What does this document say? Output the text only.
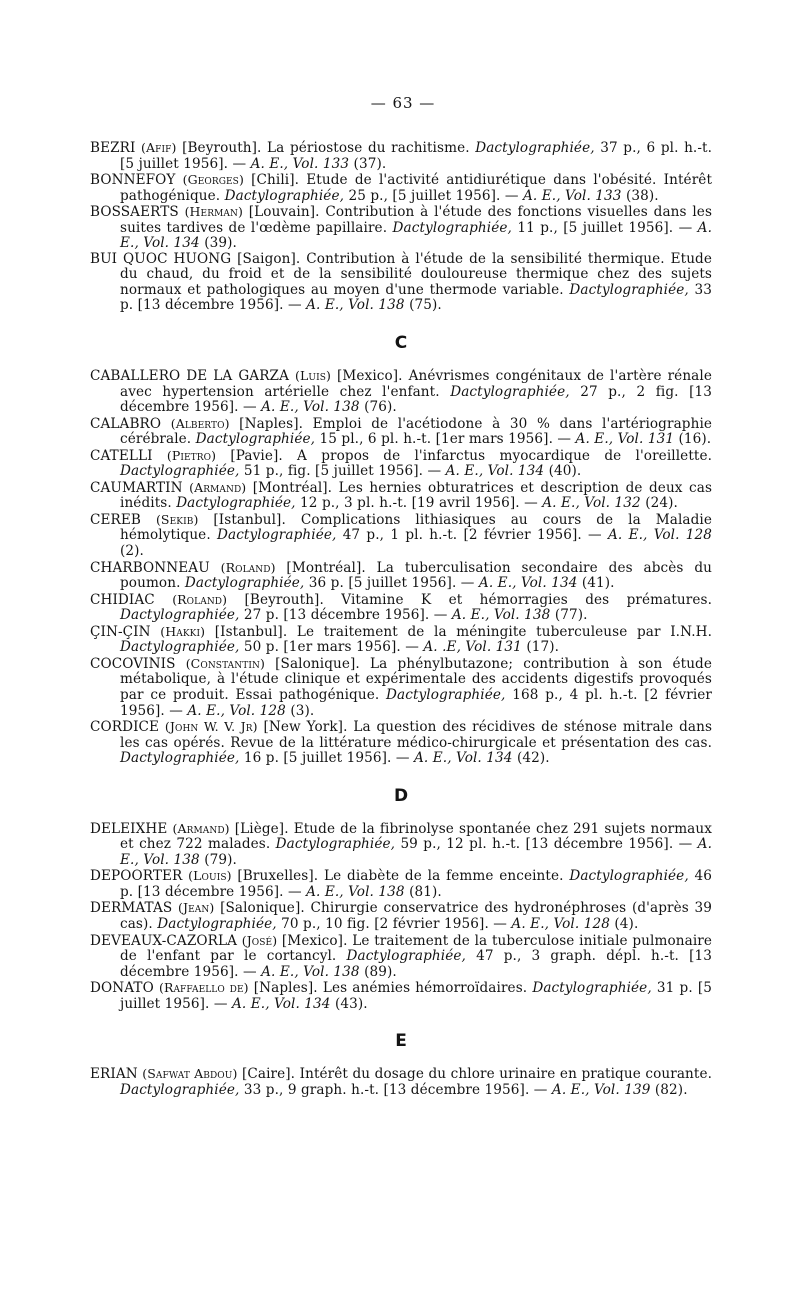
— 63 —

BEZRI (Afif) [Beyrouth]. La périostose du rachitisme. Dactylographiée, 37 p., 6 pl. h.-t. [5 juillet 1956]. — A. E., Vol. 133 (37).

BONNEFOY (Georges) [Chili]. Etude de l'activité antidiurétique dans l'obésité. Intérêt pathogénique. Dactylographiée, 25 p., [5 juillet 1956]. — A. E., Vol. 133 (38).

BOSSAERTS (Herman) [Louvain]. Contribution à l'étude des fonctions visuelles dans les suites tardives de l'œdème papillaire. Dactylographiée, 11 p., [5 juillet 1956]. — A. E., Vol. 134 (39).

BUI QUOC HUONG [Saigon]. Contribution à l'étude de la sensibilité thermique. Etude du chaud, du froid et de la sensibilité douloureuse thermique chez des sujets normaux et pathologiques au moyen d'une thermode variable. Dactylographiée, 33 p. [13 décembre 1956]. — A. E., Vol. 138 (75).

C

CABALLERO DE LA GARZA (Luis) [Mexico]. Anévrismes congénitaux de l'artère rénale avec hypertension artérielle chez l'enfant. Dactylographiée, 27 p., 2 fig. [13 décembre 1956]. — A. E., Vol. 138 (76).

CALABRO (Alberto) [Naples]. Emploi de l'acétiodone à 30 % dans l'artériographie cérébrale. Dactylographiée, 15 pl., 6 pl. h.-t. [1er mars 1956]. — A. E., Vol. 131 (16).

CATELLI (Pietro) [Pavie]. A propos de l'infarctus myocardique de l'oreillette. Dactylographiée, 51 p., fig. [5 juillet 1956]. — A. E., Vol. 134 (40).

CAUMARTIN (Armand) [Montréal]. Les hernies obturatrices et description de deux cas inédits. Dactylographiée, 12 p., 3 pl. h.-t. [19 avril 1956]. — A. E., Vol. 132 (24).

CEREB (Sekib) [Istanbul]. Complications lithiasiques au cours de la Maladie hémolytique. Dactylographiée, 47 p., 1 pl. h.-t. [2 février 1956]. — A. E., Vol. 128 (2).

CHARBONNEAU (Roland) [Montréal]. La tuberculisation secondaire des abcès du poumon. Dactylographiée, 36 p. [5 juillet 1956]. — A. E., Vol. 134 (41).

CHIDIAC (Roland) [Beyrouth]. Vitamine K et hémorragies des prématures. Dactylographiée, 27 p. [13 décembre 1956]. — A. E., Vol. 138 (77).

ÇIN-ÇIN (Hakki) [Istanbul]. Le traitement de la méningite tuberculeuse par I.N.H. Dactylographiée, 50 p. [1er mars 1956]. — A. .E, Vol. 131 (17).

COCOVINIS (Constantin) [Salonique]. La phénylbutazone; contribution à son étude métabolique, à l'étude clinique et expérimentale des accidents digestifs provoqués par ce produit. Essai pathogénique. Dactylographiée, 168 p., 4 pl. h.-t. [2 février 1956]. — A. E., Vol. 128 (3).

CORDICE (John W. V. Jr) [New York]. La question des récidives de sténose mitrale dans les cas opérés. Revue de la littérature médico-chirurgicale et présentation des cas. Dactylographiée, 16 p. [5 juillet 1956]. — A. E., Vol. 134 (42).

D

DELEIXHE (Armand) [Liège]. Etude de la fibrinolyse spontanée chez 291 sujets normaux et chez 722 malades. Dactylographiée, 59 p., 12 pl. h.-t. [13 décembre 1956]. — A. E., Vol. 138 (79).

DEPOORTER (Louis) [Bruxelles]. Le diabète de la femme enceinte. Dactylographiée, 46 p. [13 décembre 1956]. — A. E., Vol. 138 (81).

DERMATAS (Jean) [Salonique]. Chirurgie conservatrice des hydronéphroses (d'après 39 cas). Dactylographiée, 70 p., 10 fig. [2 février 1956]. — A. E., Vol. 128 (4).

DEVEAUX-CAZORLA (José) [Mexico]. Le traitement de la tuberculose initiale pulmonaire de l'enfant par le cortancyl. Dactylographiée, 47 p., 3 graph. dépl. h.-t. [13 décembre 1956]. — A. E., Vol. 138 (89).

DONATO (Raffaello de) [Naples]. Les anémies hémorroïdaires. Dactylographiée, 31 p. [5 juillet 1956]. — A. E., Vol. 134 (43).

E

ERIAN (Safwat Abdou) [Caire]. Intérêt du dosage du chlore urinaire en pratique courante. Dactylographiée, 33 p., 9 graph. h.-t. [13 décembre 1956]. — A. E., Vol. 139 (82).
